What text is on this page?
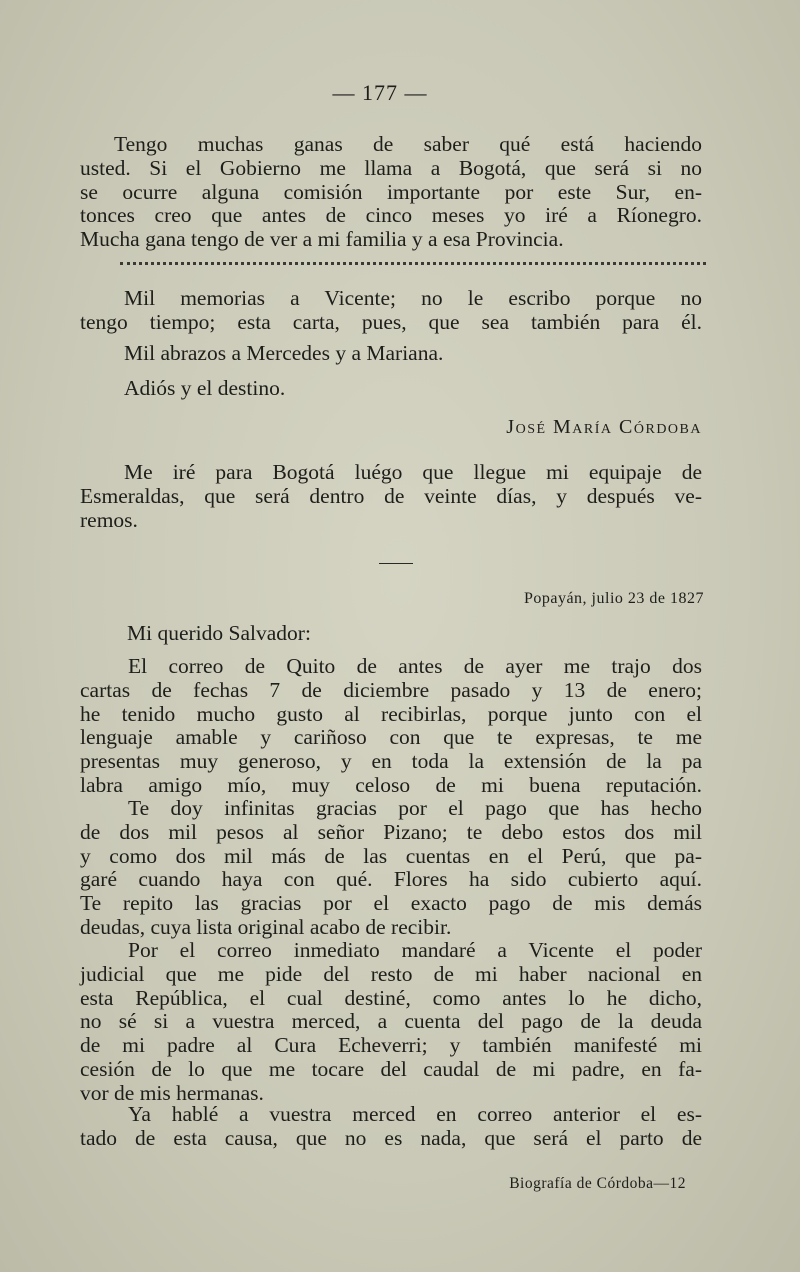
— 177 —
Tengo muchas ganas de saber qué está haciendo
usted. Si el Gobierno me llama a Bogotá, que será si no
se ocurre alguna comisión importante por este Sur, en-
tonces creo que antes de cinco meses yo iré a Ríonegro.
Mucha gana tengo de ver a mi familia y a esa Provincia.
Mil memorias a Vicente; no le escribo porque no
tengo tiempo; esta carta, pues, que sea también para él.
Mil abrazos a Mercedes y a Mariana.
Adiós y el destino.
José María Córdoba
Me iré para Bogotá luégo que llegue mi equipaje de
Esmeraldas, que será dentro de veinte días, y después ve-
remos.
Popayán, julio 23 de 1827
Mi querido Salvador:
El correo de Quito de antes de ayer me trajo dos
cartas de fechas 7 de diciembre pasado y 13 de enero;
he tenido mucho gusto al recibirlas, porque junto con el
lenguaje amable y cariñoso con que te expresas, te me
presentas muy generoso, y en toda la extensión de la pa
labra amigo mío, muy celoso de mi buena reputación.
Te doy infinitas gracias por el pago que has hecho
de dos mil pesos al señor Pizano; te debo estos dos mil
y como dos mil más de las cuentas en el Perú, que pa-
garé cuando haya con qué. Flores ha sido cubierto aquí.
Te repito las gracias por el exacto pago de mis demás
deudas, cuya lista original acabo de recibir.
Por el correo inmediato mandaré a Vicente el poder
judicial que me pide del resto de mi haber nacional en
esta República, el cual destiné, como antes lo he dicho,
no sé si a vuestra merced, a cuenta del pago de la deuda
de mi padre al Cura Echeverri; y también manifesté mi
cesión de lo que me tocare del caudal de mi padre, en fa-
vor de mis hermanas.
Ya hablé a vuestra merced en correo anterior el es-
tado de esta causa, que no es nada, que será el parto de
Biografía de Córdoba—12
